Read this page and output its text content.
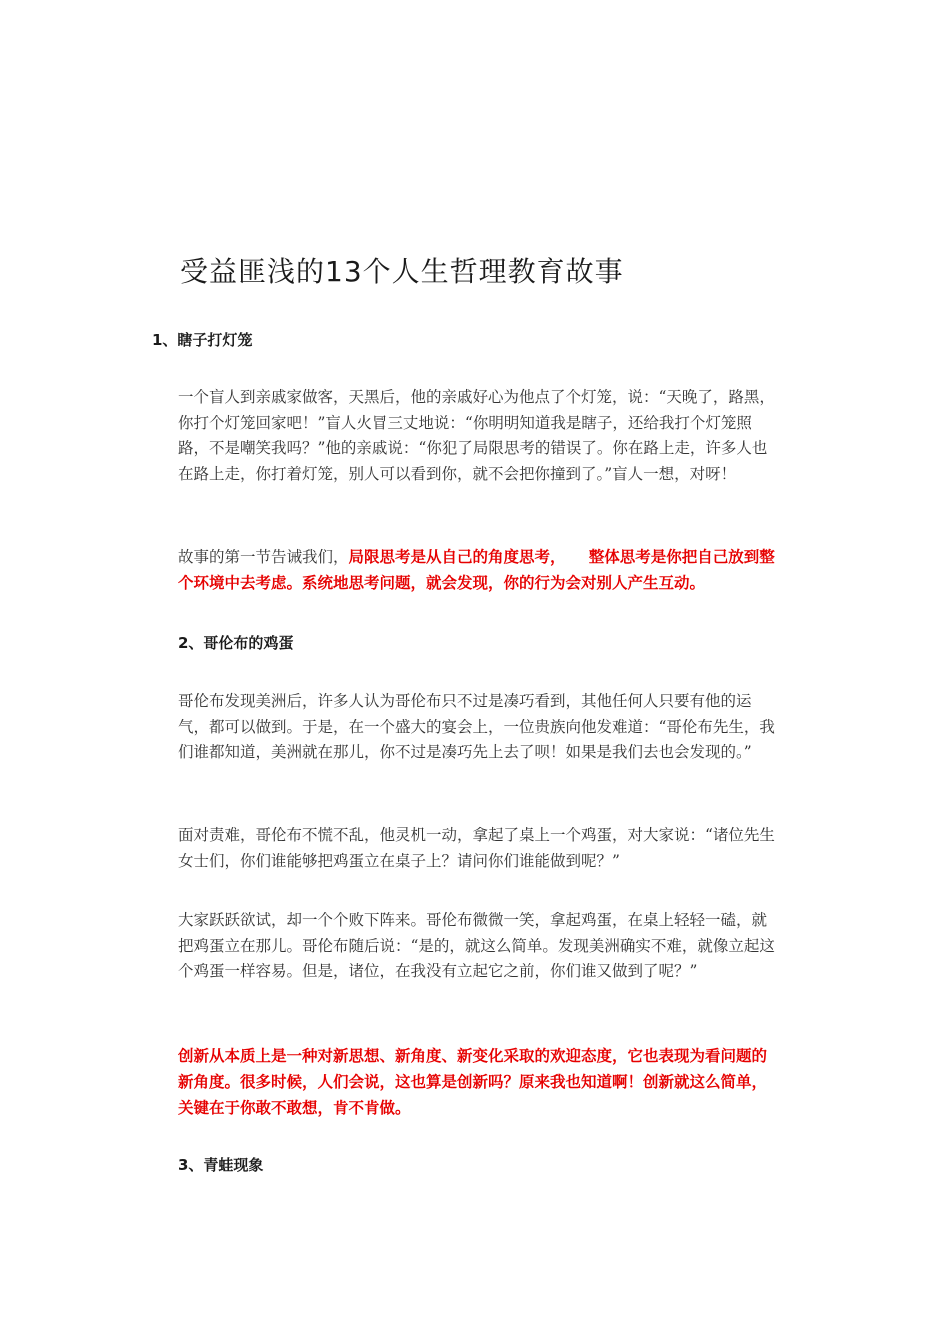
受益匪浅的13个人生哲理教育故事
1、瞎子打灯笼

一个盲人到亲戚家做客，天黑后，他的亲戚好心为他点了个灯笼，说：“天晚了，路黑，你打个灯笼回家吧！”盲人火冒三丈地说：“你明明知道我是瞎子，还给我打个灯笼照路，不是嘲笑我吗？”他的亲戚说：“你犯了局限思考的错误了。你在路上走，许多人也在路上走，你打着灯笼，别人可以看到你，就不会把你撞到了。”盲人一想，对呀！

故事的第一节告诫我们，局限思考是从自己的角度思考，　　整体思考是你把自己放到整个环境中去考虑。系统地思考问题，就会发现，你的行为会对别人产生互动。

2、哥伦布的鸡蛋

哥伦布发现美洲后，许多人认为哥伦布只不过是凑巧看到，其他任何人只要有他的运气，都可以做到。于是，在一个盛大的宴会上，一位贵族向他发难道：“哥伦布先生，我们谁都知道，美洲就在那儿，你不过是凑巧先上去了呗！如果是我们去也会发现的。”

面对责难，哥伦布不慌不乱，他灵机一动，拿起了桌上一个鸡蛋，对大家说：“诸位先生女士们，你们谁能够把鸡蛋立在桌子上？请问你们谁能做到呢？”

大家跃跃欲试，却一个个败下阵来。哥伦布微微一笑，拿起鸡蛋，在桌上轻轻一磕，就把鸡蛋立在那儿。哥伦布随后说：“是的，就这么简单。发现美洲确实不难，就像立起这个鸡蛋一样容易。但是，诸位，在我没有立起它之前，你们谁又做到了呢？”

创新从本质上是一种对新思想、新角度、新变化采取的欢迎态度，它也表现为看问题的新角度。很多时候，人们会说，这也算是创新吗？原来我也知道啊！创新就这么简单，关键在于你敢不敢想，肯不肯做。

3、青蛙现象
